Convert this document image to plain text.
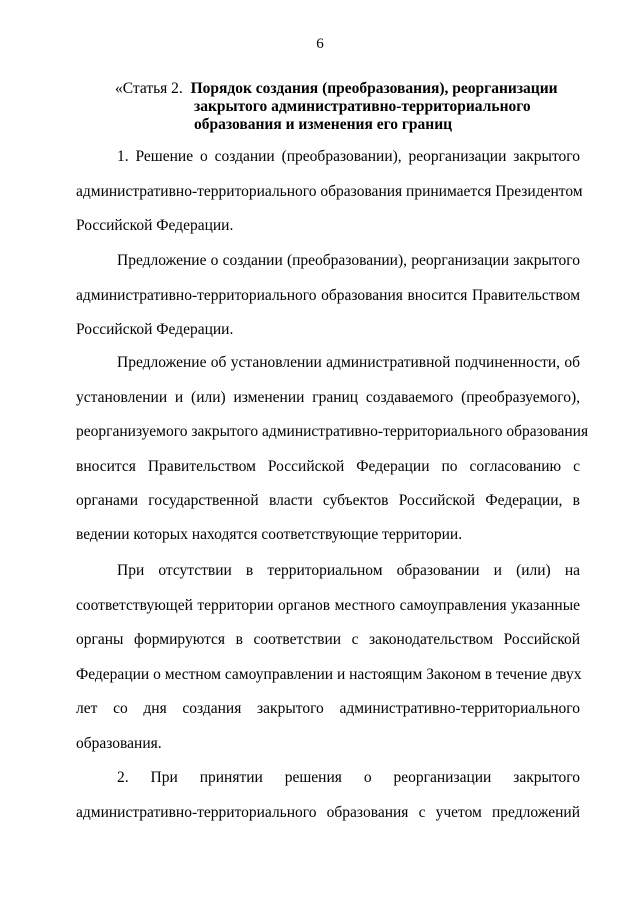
6
«Статья 2. Порядок создания (преобразования), реорганизации
закрытого административно-территориального
образования и изменения его границ
1. Решение о создании (преобразовании), реорганизации закрытого
административно-территориального образования принимается Президентом
Российской Федерации.
Предложение о создании (преобразовании), реорганизации закрытого
административно-территориального образования вносится Правительством
Российской Федерации.
Предложение об установлении административной подчиненности, об
установлении и (или) изменении границ создаваемого (преобразуемого),
реорганизуемого закрытого административно-территориального образования
вносится Правительством Российской Федерации по согласованию с
органами государственной власти субъектов Российской Федерации, в
ведении которых находятся соответствующие территории.
При отсутствии в территориальном образовании и (или) на
соответствующей территории органов местного самоуправления указанные
органы формируются в соответствии с законодательством Российской
Федерации о местном самоуправлении и настоящим Законом в течение двух
лет со дня создания закрытого административно-территориального
образования.
2. При принятии решения о реорганизации закрытого
административно-территориального образования с учетом предложений
